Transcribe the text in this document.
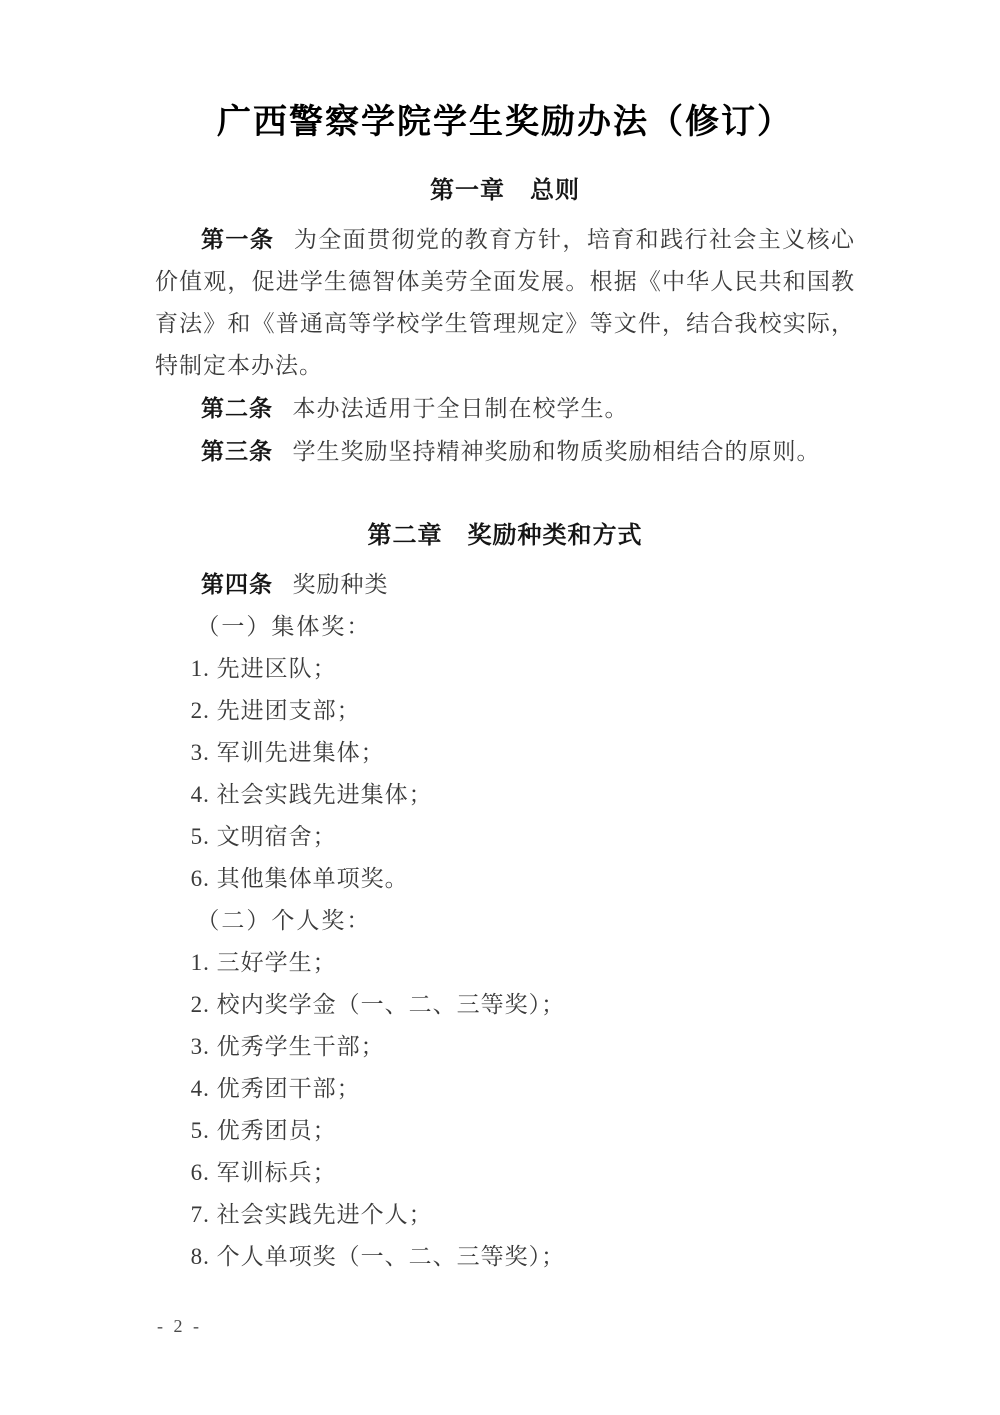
广西警察学院学生奖励办法（修订）
第一章　总则

第一条 为全面贯彻党的教育方针，培育和践行社会主义核心价值观，促进学生德智体美劳全面发展。根据《中华人民共和国教育法》和《普通高等学校学生管理规定》等文件，结合我校实际，特制定本办法。

第二条 本办法适用于全日制在校学生。

第三条 学生奖励坚持精神奖励和物质奖励相结合的原则。

第二章　奖励种类和方式

第四条 奖励种类

（一）集体奖：

1. 先进区队；

2. 先进团支部；

3. 军训先进集体；

4. 社会实践先进集体；

5. 文明宿舍；

6. 其他集体单项奖。

（二）个人奖：

1. 三好学生；

2. 校内奖学金（一、二、三等奖）；

3. 优秀学生干部；

4. 优秀团干部；

5. 优秀团员；

6. 军训标兵；

7. 社会实践先进个人；

8. 个人单项奖（一、二、三等奖）；

- 2 -
